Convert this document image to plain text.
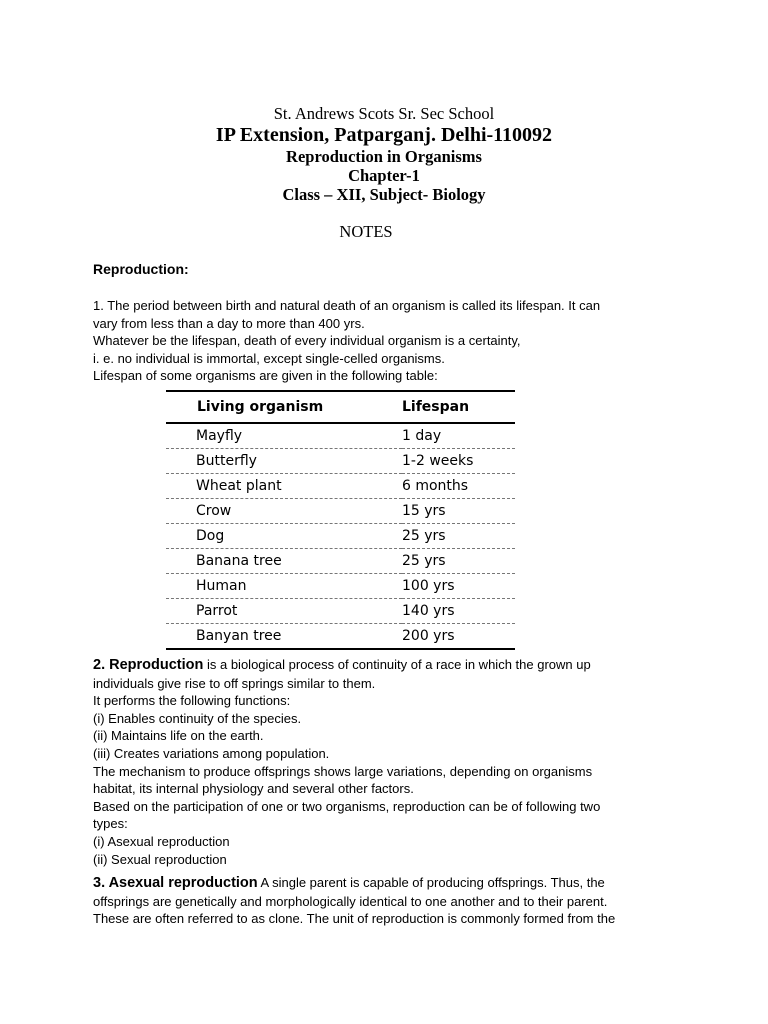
St. Andrews Scots Sr. Sec School
IP Extension, Patparganj. Delhi-110092
Reproduction in Organisms
Chapter-1
Class – XII, Subject- Biology
NOTES
Reproduction:
1. The period between birth and natural death of an organism is called its lifespan. It can
vary from less than a day to more than 400 yrs.
Whatever be the lifespan, death of every individual organism is a certainty,
i. e. no individual is immortal, except single-celled organisms.
Lifespan of some organisms are given in the following table:
Living organism	Lifespan
Mayfly	1 day
Butterfly	1-2 weeks
Wheat plant	6 months
Crow	15 yrs
Dog	25 yrs
Banana tree	25 yrs
Human	100 yrs
Parrot	140 yrs
Banyan tree	200 yrs
2. Reproduction is a biological process of continuity of a race in which the grown up
individuals give rise to off springs similar to them.
It performs the following functions:
(i) Enables continuity of the species.
(ii) Maintains life on the earth.
(iii) Creates variations among population.
The mechanism to produce offsprings shows large variations, depending on organisms
habitat, its internal physiology and several other factors.
Based on the participation of one or two organisms, reproduction can be of following two
types:
(i) Asexual reproduction
(ii) Sexual reproduction
3. Asexual reproduction A single parent is capable of producing offsprings. Thus, the
offsprings are genetically and morphologically identical to one another and to their parent.
These are often referred to as clone. The unit of reproduction is commonly formed from the
